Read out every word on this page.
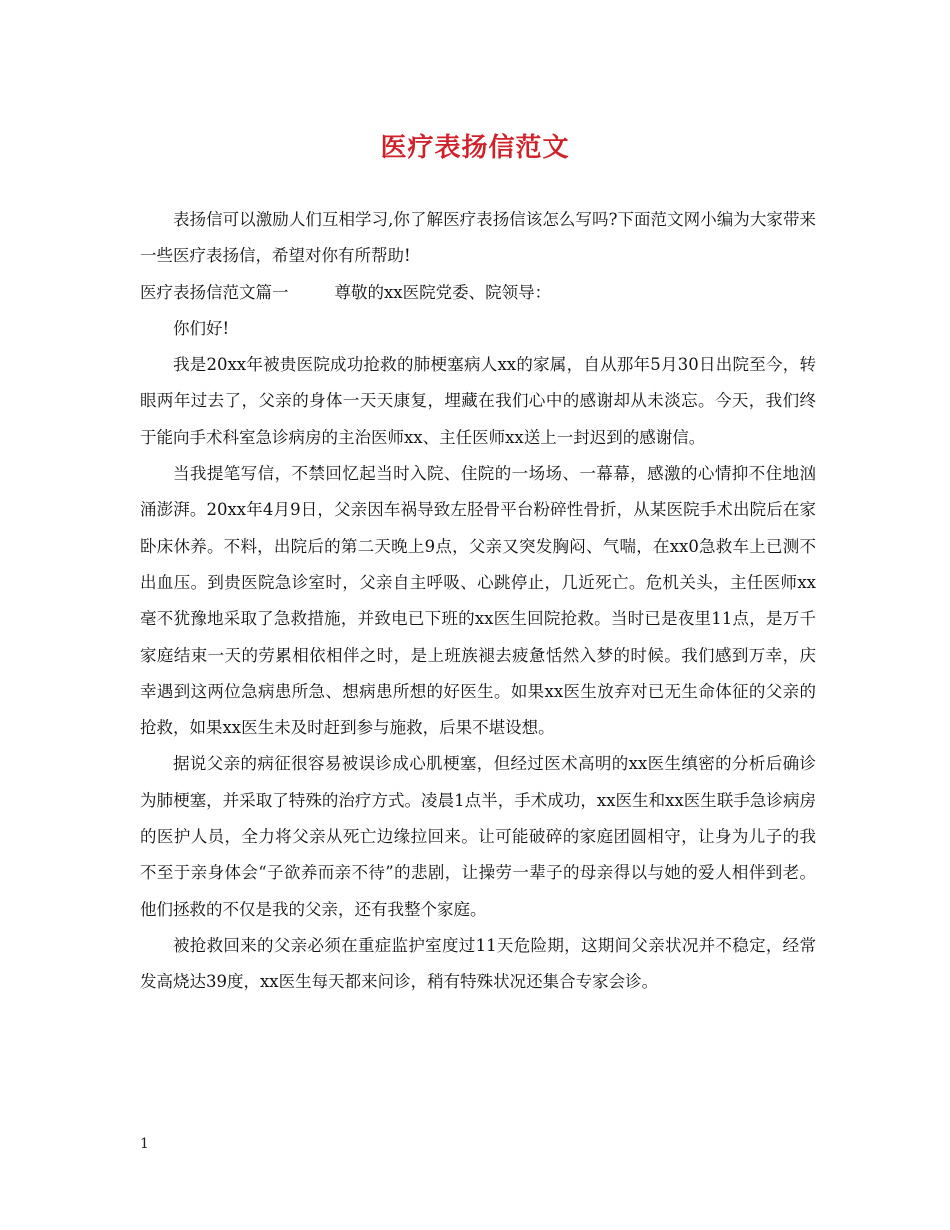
医疗表扬信范文

表扬信可以激励人们互相学习,你了解医疗表扬信该怎么写吗?下面范文网小编为大家带来一些医疗表扬信，希望对你有所帮助!

医疗表扬信范文篇一	尊敬的xx医院党委、院领导：

你们好!

我是20xx年被贵医院成功抢救的肺梗塞病人xx的家属，自从那年5月30日出院至今，转眼两年过去了，父亲的身体一天天康复，埋藏在我们心中的感谢却从未淡忘。今天，我们终于能向手术科室急诊病房的主治医师xx、主任医师xx送上一封迟到的感谢信。

当我提笔写信，不禁回忆起当时入院、住院的一场场、一幕幕，感激的心情抑不住地汹涌澎湃。20xx年4月9日，父亲因车祸导致左胫骨平台粉碎性骨折，从某医院手术出院后在家卧床休养。不料，出院后的第二天晚上9点，父亲又突发胸闷、气喘，在xx0急救车上已测不出血压。到贵医院急诊室时，父亲自主呼吸、心跳停止，几近死亡。危机关头，主任医师xx毫不犹豫地采取了急救措施，并致电已下班的xx医生回院抢救。当时已是夜里11点，是万千家庭结束一天的劳累相依相伴之时，是上班族褪去疲惫恬然入梦的时候。我们感到万幸，庆幸遇到这两位急病患所急、想病患所想的好医生。如果xx医生放弃对已无生命体征的父亲的抢救，如果xx医生未及时赶到参与施救，后果不堪设想。

据说父亲的病征很容易被误诊成心肌梗塞，但经过医术高明的xx医生缜密的分析后确诊为肺梗塞，并采取了特殊的治疗方式。凌晨1点半，手术成功，xx医生和xx医生联手急诊病房的医护人员，全力将父亲从死亡边缘拉回来。让可能破碎的家庭团圆相守，让身为儿子的我不至于亲身体会“子欲养而亲不待”的悲剧，让操劳一辈子的母亲得以与她的爱人相伴到老。他们拯救的不仅是我的父亲，还有我整个家庭。

被抢救回来的父亲必须在重症监护室度过11天危险期，这期间父亲状况并不稳定，经常发高烧达39度，xx医生每天都来问诊，稍有特殊状况还集合专家会诊。

1
